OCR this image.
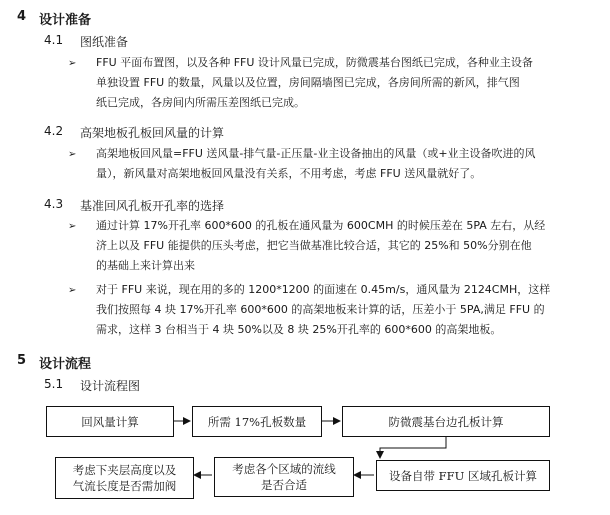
4 设计准备
4.1 图纸准备
➢ FFU 平面布置图，以及各种 FFU 设计风量已完成，防微震基台图纸已完成，各种业主设备
单独设置 FFU 的数量，风量以及位置，房间隔墙图已完成，各房间所需的新风，排气图
纸已完成，各房间内所需压差图纸已完成。
4.2 高架地板孔板回风量的计算
➢ 高架地板回风量=FFU 送风量-排气量-正压量-业主设备抽出的风量（或+业主设备吹进的风
量），新风量对高架地板回风量没有关系，不用考虑，考虑 FFU 送风量就好了。
4.3 基准回风孔板开孔率的选择
➢ 通过计算 17%开孔率 600*600 的孔板在通风量为 600CMH 的时候压差在 5PA 左右，从经
济上以及 FFU 能提供的压头考虑，把它当做基准比较合适，其它的 25%和 50%分别在他
的基础上来计算出来
➢ 对于 FFU 来说，现在用的多的 1200*1200 的面速在 0.45m/s，通风量为 2124CMH，这样
我们按照每 4 块 17%开孔率 600*600 的高架地板来计算的话，压差小于 5PA,满足 FFU 的
需求，这样 3 台相当于 4 块 50%以及 8 块 25%开孔率的 600*600 的高架地板。
5 设计流程
5.1 设计流程图
回风量计算	所需 17%孔板数量	防微震基台边孔板计算
设备自带 FFU 区域孔板计算
考虑各个区域的流线
是否合适
考虑下夹层高度以及
气流长度是否需加阀
